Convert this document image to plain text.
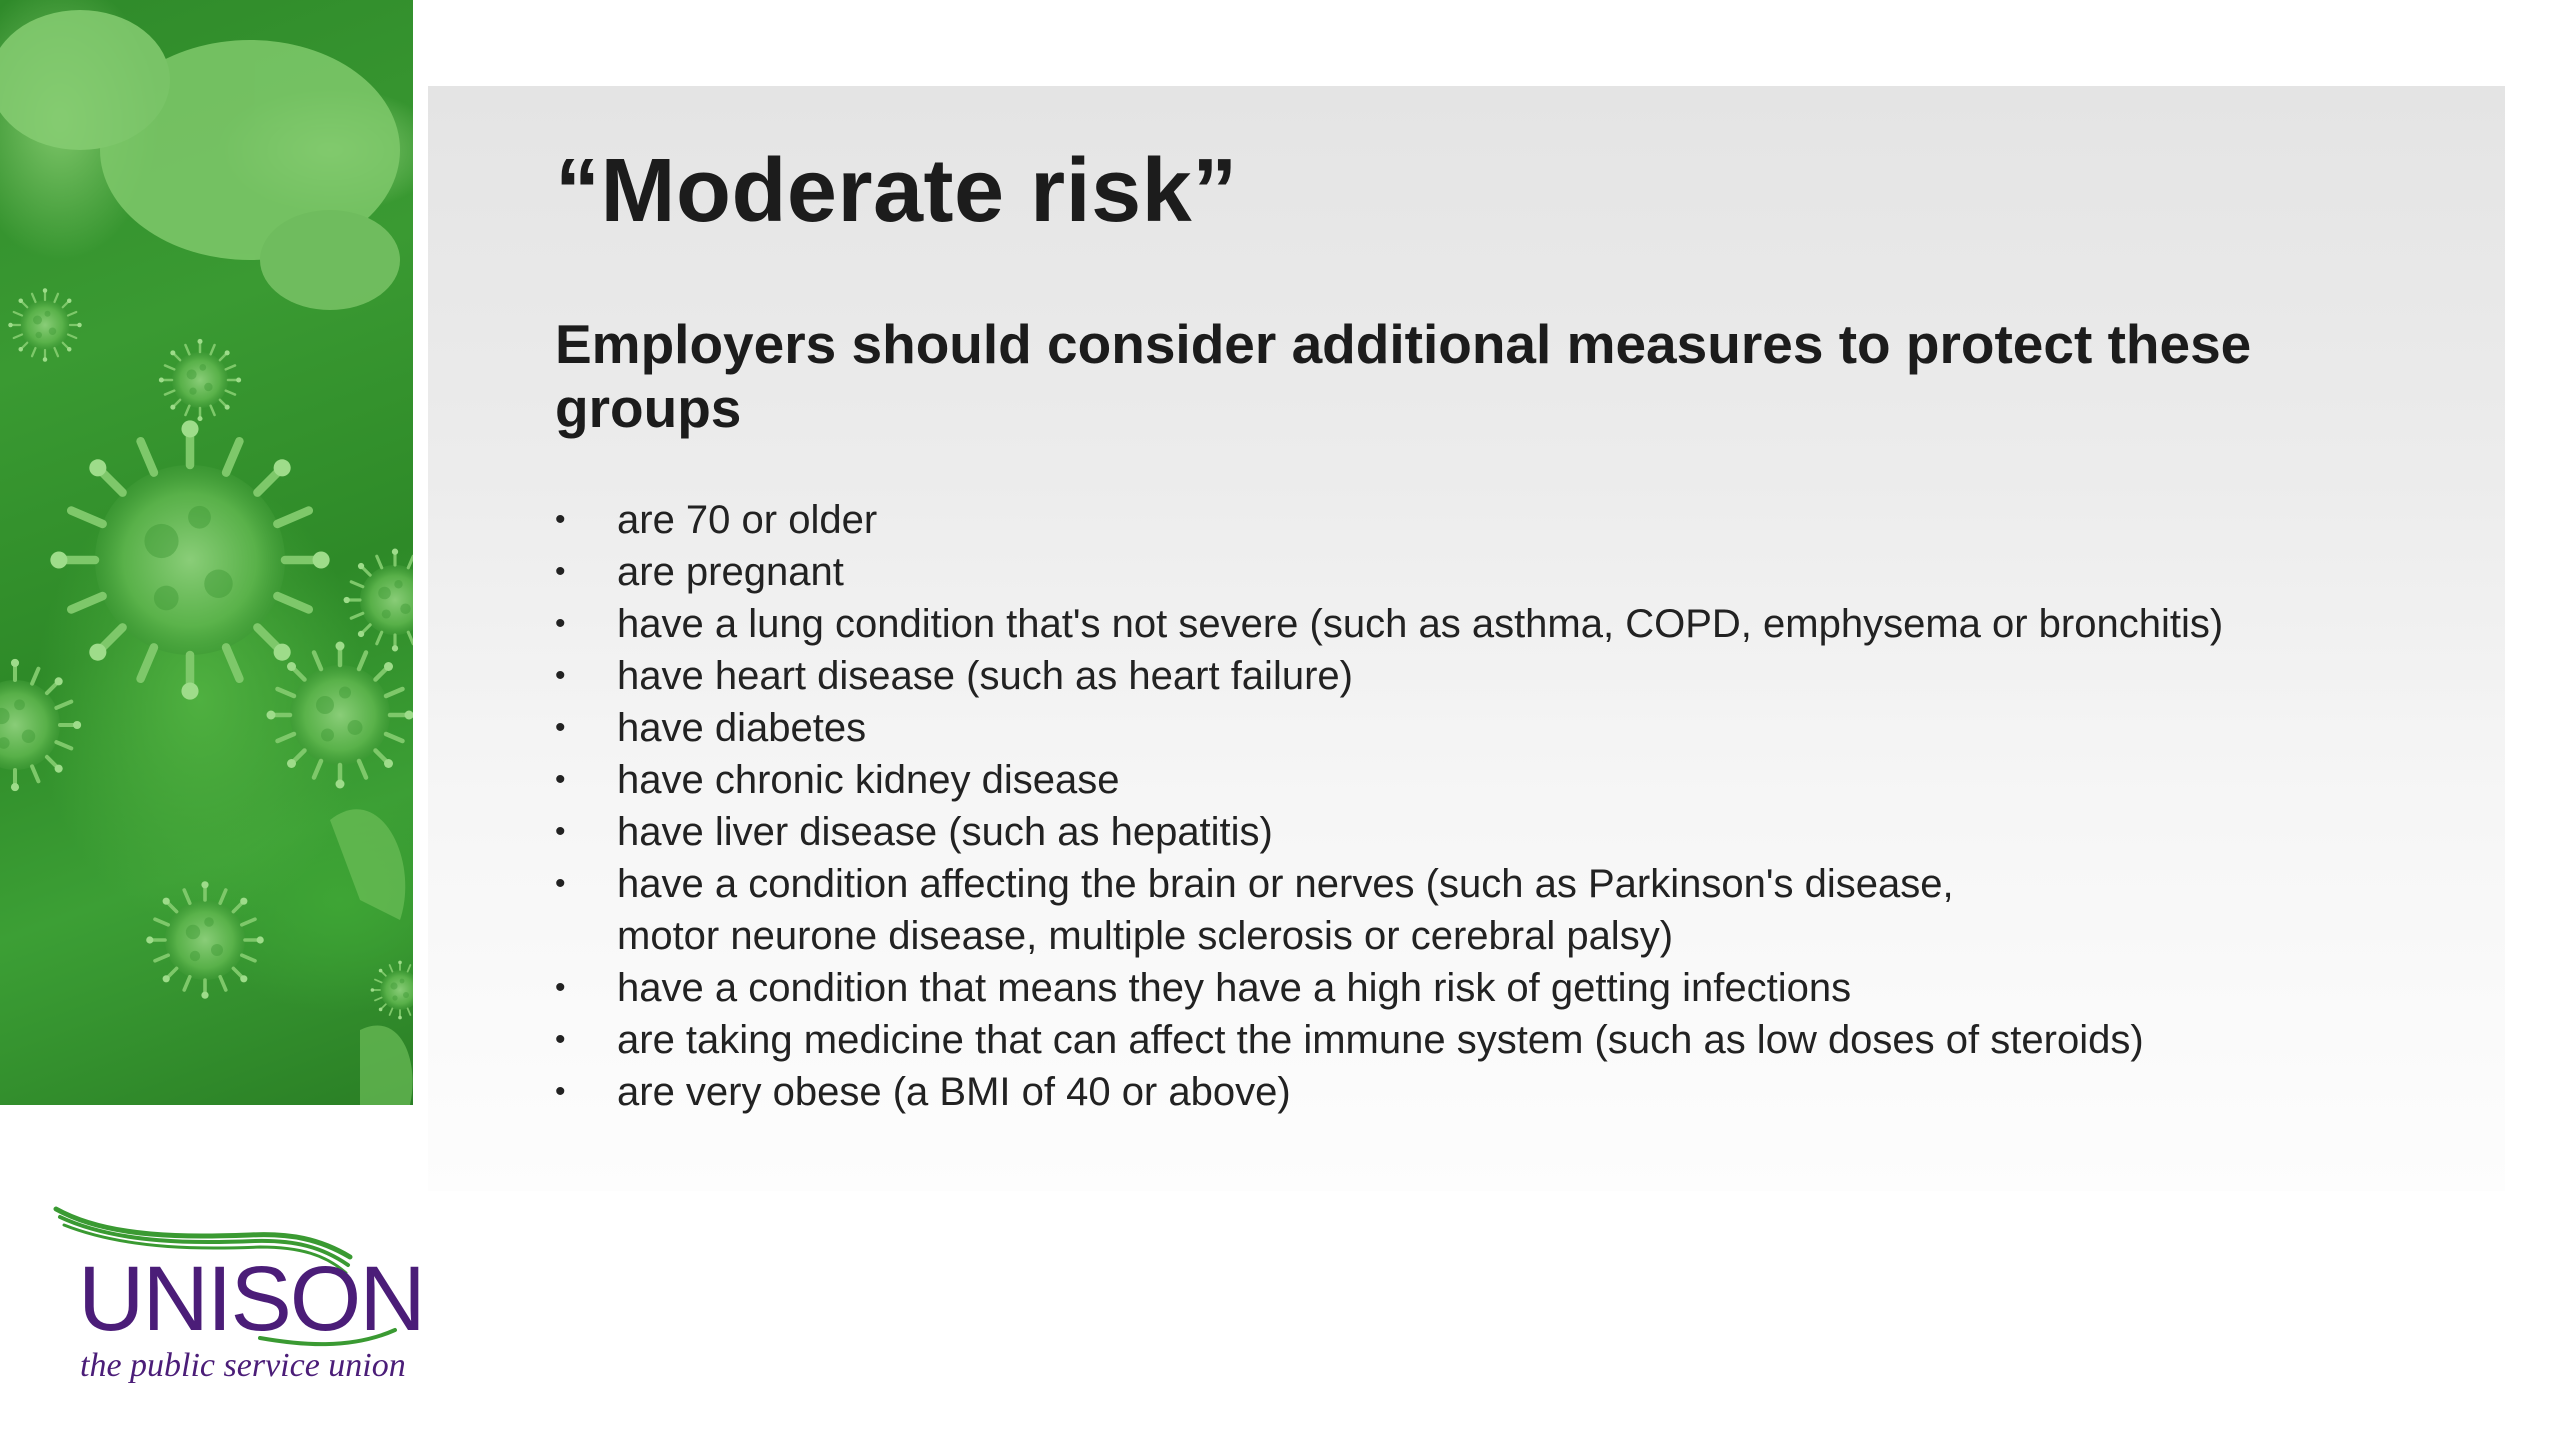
“Moderate risk”
Employers should consider additional measures to protect these groups
• are 70 or older
• are pregnant
• have a lung condition that's not severe (such as asthma, COPD, emphysema or bronchitis)
• have heart disease (such as heart failure)
• have diabetes
• have chronic kidney disease
• have liver disease (such as hepatitis)
• have a condition affecting the brain or nerves (such as Parkinson's disease, motor neurone disease, multiple sclerosis or cerebral palsy)
• have a condition that means they have a high risk of getting infections
• are taking medicine that can affect the immune system (such as low doses of steroids)
• are very obese (a BMI of 40 or above)
UNISON
the public service union
